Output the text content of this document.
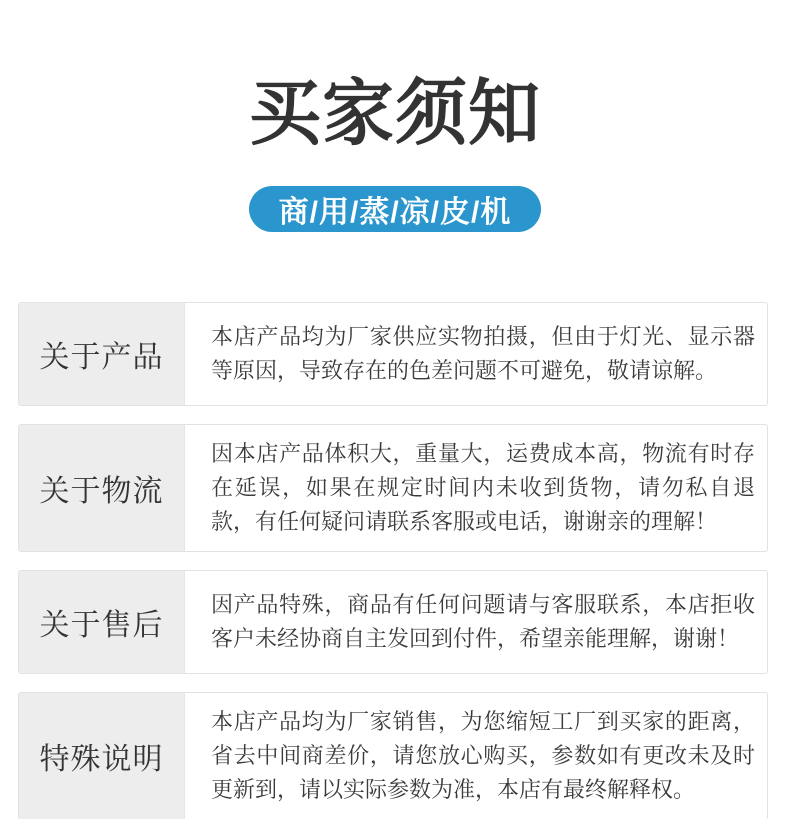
买家须知
商/用/蒸/凉/皮/机
关于产品

本店产品均为厂家供应实物拍摄，但由于灯光、显示器等原因，导致存在的色差问题不可避免，敬请谅解。

关于物流

因本店产品体积大，重量大，运费成本高，物流有时存在延误，如果在规定时间内未收到货物，请勿私自退款，有任何疑问请联系客服或电话，谢谢亲的理解！

关于售后

因产品特殊，商品有任何问题请与客服联系，本店拒收客户未经协商自主发回到付件，希望亲能理解，谢谢！

特殊说明

本店产品均为厂家销售，为您缩短工厂到买家的距离，省去中间商差价，请您放心购买，参数如有更改未及时更新到，请以实际参数为准，本店有最终解释权。
